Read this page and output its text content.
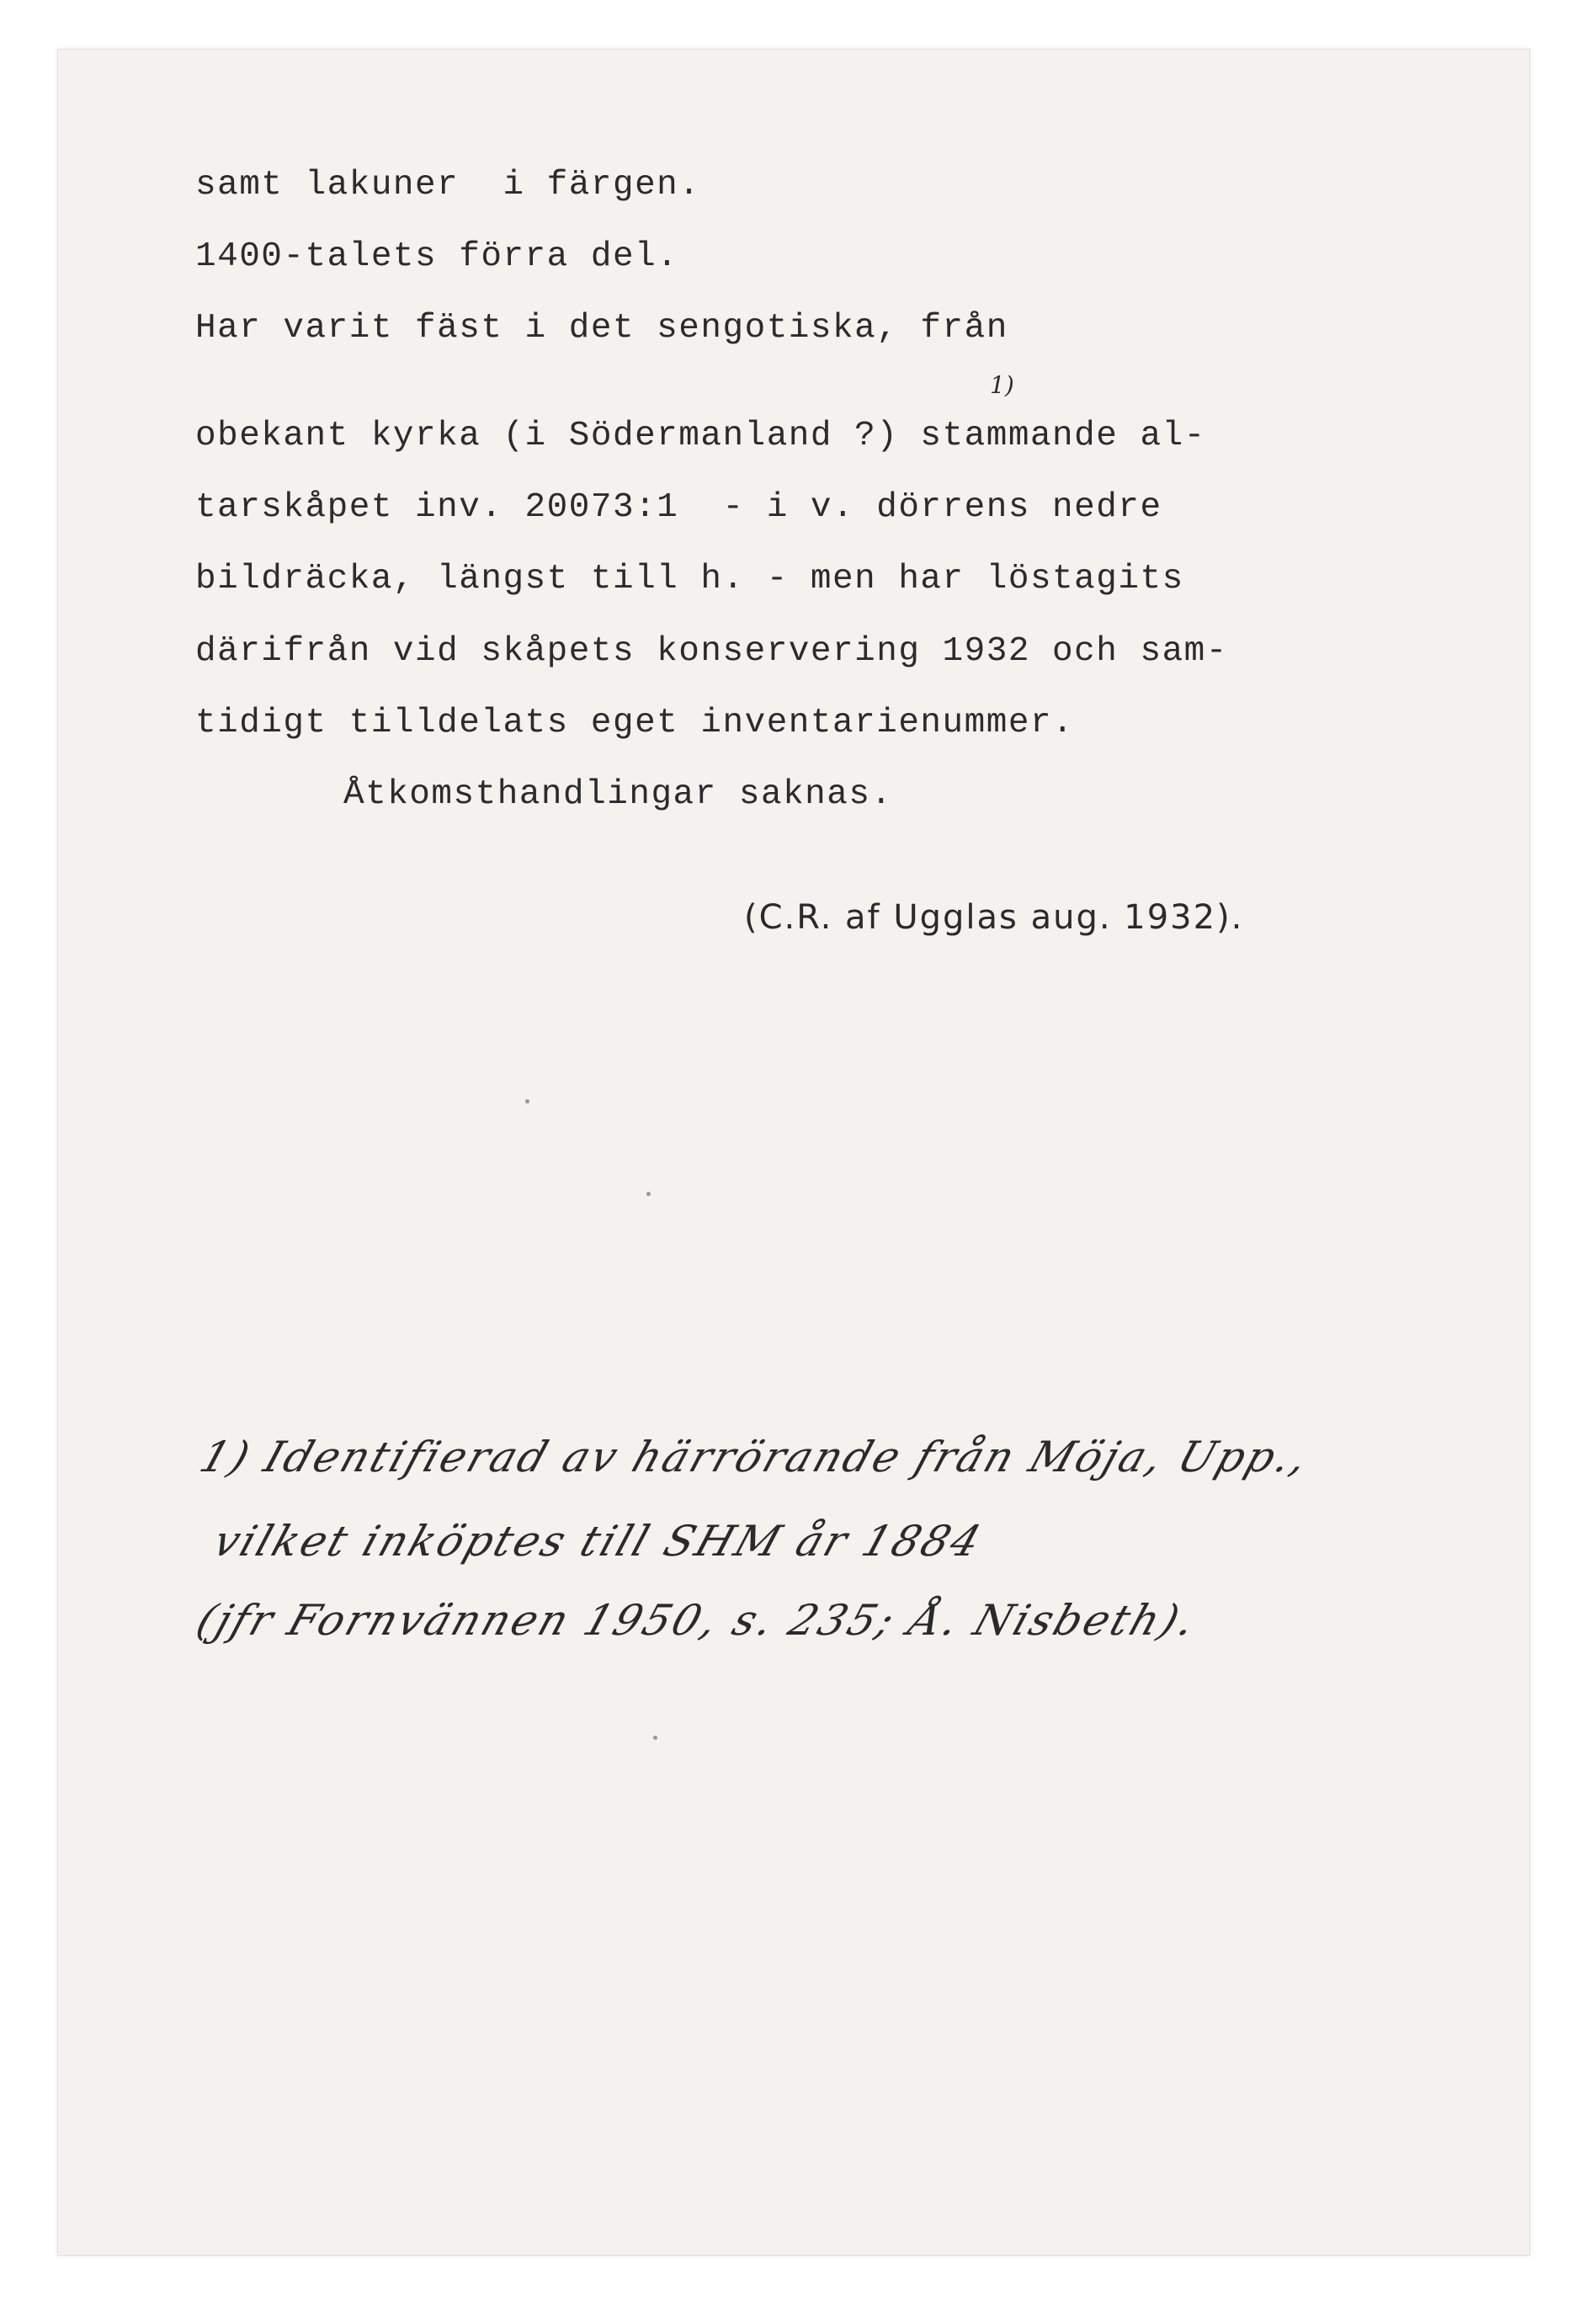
samt lakuner  i färgen.
1400-talets förra del.
Har varit fäst i det sengotiska, från
1)
obekant kyrka (i Södermanland ?) stammande al-
tarskåpet inv. 20073:1  - i v. dörrens nedre
bildräcka, längst till h. - men har löstagits
därifrån vid skåpets konservering 1932 och sam-
tidigt tilldelats eget inventarienummer.
Åtkomsthandlingar saknas.
(C.R. af Ugglas aug. 1932).
1) Identifierad av härrörande från Möja, Upp.,
vilket inköptes till SHM år 1884
(jfr Fornvännen 1950, s. 235; Å. Nisbeth).
